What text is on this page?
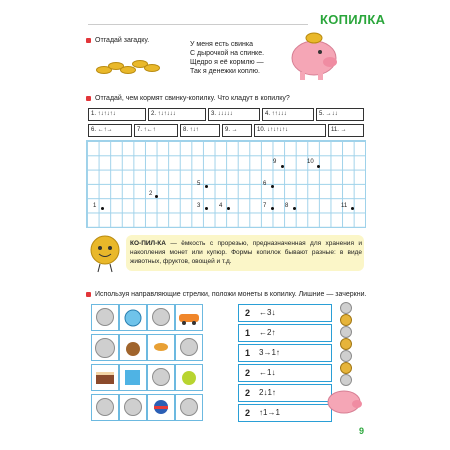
КОПИЛКА
Отгадай загадку.
У меня есть свинка
С дырочкой на спинке.
Щедро я её кормлю —
Так я денежки коплю.
Отгадай, чем кормят свинку-копилку. Что кладут в копилку?
1. ↑↓↑↓↑↓	2. ↑↓↑↓↓↓	3. ↓↓↓↓↓	4. ↑↑↓↓↓	5. →↓↓
6. ←↑→	7. ↑←↑	8. ↑↓↑	9. →	10. ↓↑↓↑↓↑↓	11. →
1
2
3	4
5	6
7	8
9	10
11
КО-ПИЛ-КА — ёмкость с прорезью, предназначенная для хранения и накопления монет или купюр. Формы копилок бывают разные: в виде животных, фруктов, овощей и т.д.
Используя направляющие стрелки, положи монеты в копилку. Лишние — зачеркни.
2 ←3↓
1 ←2↑
1 3→1↑
2 ←1↓
2 2↓1↑
2 ↑1→1
9
